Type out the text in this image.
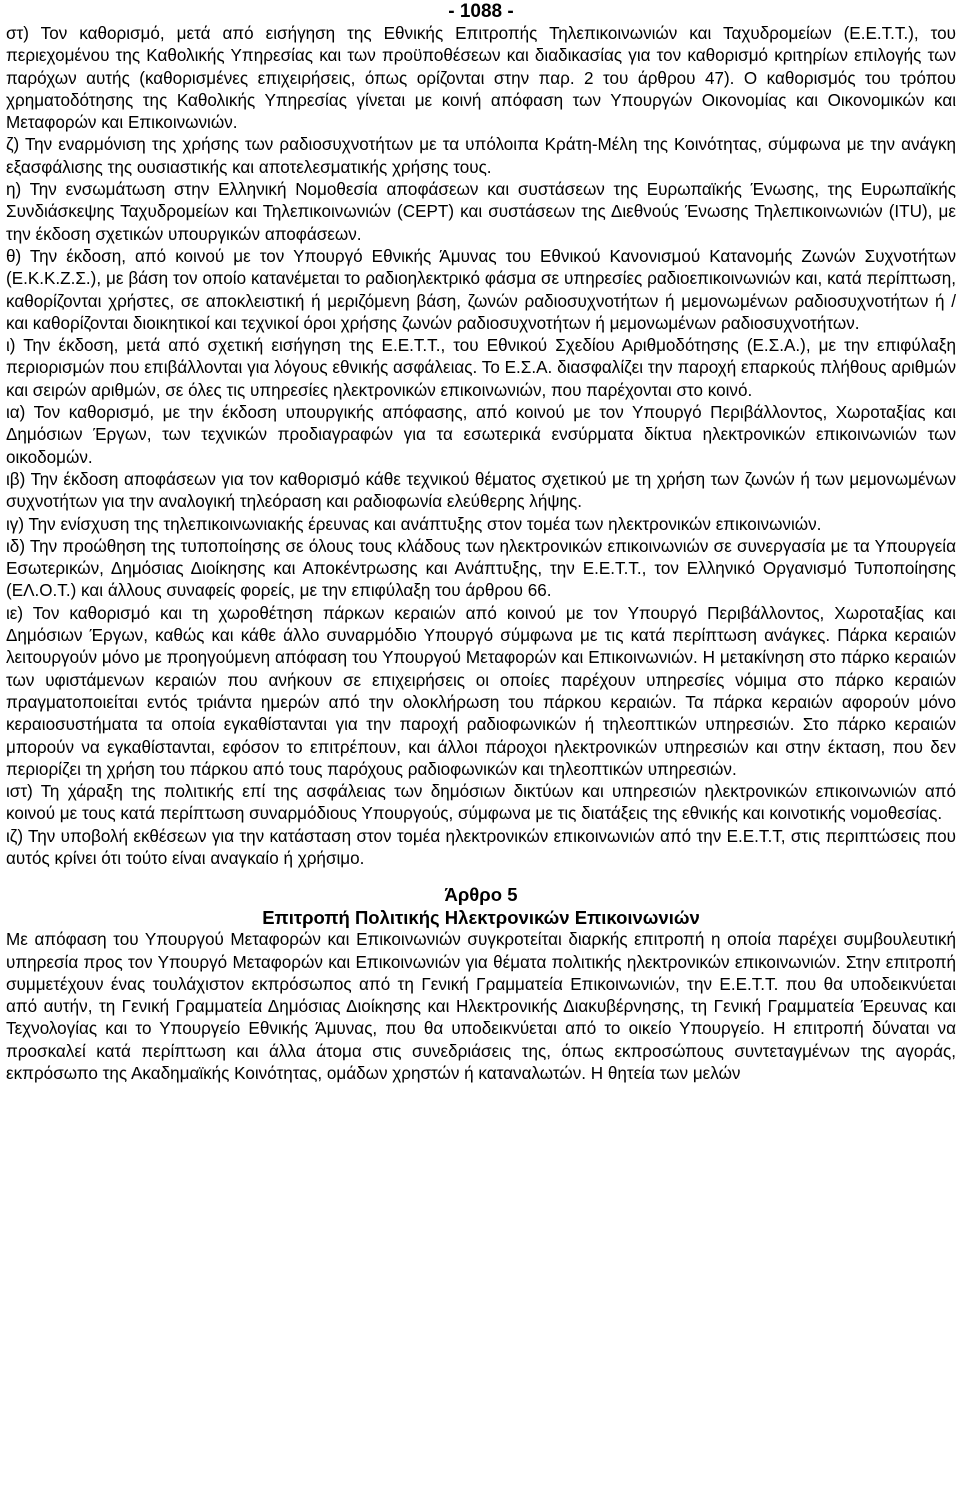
- 1088 -

στ) Τον καθορισμό, μετά από εισήγηση της Εθνικής Επιτροπής Τηλεπικοινωνιών και Ταχυδρομείων (Ε.Ε.Τ.Τ.), του περιεχομένου της Καθολικής Υπηρεσίας και των προϋποθέσεων και διαδικασίας για τον καθορισμό κριτηρίων επιλογής των παρόχων αυτής (καθορισμένες επιχειρήσεις, όπως ορίζονται στην παρ. 2 του άρθρου 47). Ο καθορισμός του τρόπου χρηματοδότησης της Καθολικής Υπηρεσίας γίνεται με κοινή απόφαση των Υπουργών Οικονομίας και Οικονομικών και Μεταφορών και Επικοινωνιών.

ζ) Την εναρμόνιση της χρήσης των ραδιοσυχνοτήτων με τα υπόλοιπα Κράτη-Μέλη της Κοινότητας, σύμφωνα με την ανάγκη εξασφάλισης της ουσιαστικής και αποτελεσματικής χρήσης τους.

η) Την ενσωμάτωση στην Ελληνική Νομοθεσία αποφάσεων και συστάσεων της Ευρωπαϊκής Ένωσης, της Ευρωπαϊκής Συνδιάσκεψης Ταχυδρομείων και Τηλεπικοινωνιών (CEPT) και συστάσεων της Διεθνούς Ένωσης Τηλεπικοινωνιών (ITU), με την έκδοση σχετικών υπουργικών αποφάσεων.

θ) Την έκδοση, από κοινού με τον Υπουργό Εθνικής Άμυνας του Εθνικού Κανονισμού Κατανομής Ζωνών Συχνοτήτων (Ε.Κ.Κ.Ζ.Σ.), με βάση τον οποίο κατανέμεται το ραδιοηλεκτρικό φάσμα σε υπηρεσίες ραδιοεπικοινωνιών και, κατά περίπτωση, καθορίζονται χρήστες, σε αποκλειστική ή μεριζόμενη βάση, ζωνών ραδιοσυχνοτήτων ή μεμονωμένων ραδιοσυχνοτήτων ή / και καθορίζονται διοικητικοί και τεχνικοί όροι χρήσης ζωνών ραδιοσυχνοτήτων ή μεμονωμένων ραδιοσυχνοτήτων.

ι) Την έκδοση, μετά από σχετική εισήγηση της Ε.Ε.Τ.Τ., του Εθνικού Σχεδίου Αριθμοδότησης (Ε.Σ.Α.), με την επιφύλαξη περιορισμών που επιβάλλονται για λόγους εθνικής ασφάλειας. Το Ε.Σ.Α. διασφαλίζει την παροχή επαρκούς πλήθους αριθμών και σειρών αριθμών, σε όλες τις υπηρεσίες ηλεκτρονικών επικοινωνιών, που παρέχονται στο κοινό.

ια) Τον καθορισμό, με την έκδοση υπουργικής απόφασης, από κοινού με τον Υπουργό Περιβάλλοντος, Χωροταξίας και Δημόσιων Έργων, των τεχνικών προδιαγραφών για τα εσωτερικά ενσύρματα δίκτυα ηλεκτρονικών επικοινωνιών των οικοδομών.

ιβ) Την έκδοση αποφάσεων για τον καθορισμό κάθε τεχνικού θέματος σχετικού με τη χρήση των ζωνών ή των μεμονωμένων συχνοτήτων για την αναλογική τηλεόραση και ραδιοφωνία ελεύθερης λήψης.

ιγ) Την ενίσχυση της τηλεπικοινωνιακής έρευνας και ανάπτυξης στον τομέα των ηλεκτρονικών επικοινωνιών.

ιδ) Την προώθηση της τυποποίησης σε όλους τους κλάδους των ηλεκτρονικών επικοινωνιών σε συνεργασία με τα Υπουργεία Εσωτερικών, Δημόσιας Διοίκησης και Αποκέντρωσης και Ανάπτυξης, την Ε.Ε.Τ.Τ., τον Ελληνικό Οργανισμό Τυποποίησης (ΕΛ.Ο.Τ.) και άλλους συναφείς φορείς, με την επιφύλαξη του άρθρου 66.

ιε) Τον καθορισμό και τη χωροθέτηση πάρκων κεραιών από κοινού με τον Υπουργό Περιβάλλοντος, Χωροταξίας και Δημόσιων Έργων, καθώς και κάθε άλλο συναρμόδιο Υπουργό σύμφωνα με τις κατά περίπτωση ανάγκες. Πάρκα κεραιών λειτουργούν μόνο με προηγούμενη απόφαση του Υπουργού Μεταφορών και Επικοινωνιών. Η μετακίνηση στο πάρκο κεραιών των υφιστάμενων κεραιών που ανήκουν σε επιχειρήσεις οι οποίες παρέχουν υπηρεσίες νόμιμα στο πάρκο κεραιών πραγματοποιείται εντός τριάντα ημερών από την ολοκλήρωση του πάρκου κεραιών. Τα πάρκα κεραιών αφορούν μόνο κεραιοσυστήματα τα οποία εγκαθίστανται για την παροχή ραδιοφωνικών ή τηλεοπτικών υπηρεσιών. Στο πάρκο κεραιών μπορούν να εγκαθίστανται, εφόσον το επιτρέπουν, και άλλοι πάροχοι ηλεκτρονικών υπηρεσιών και στην έκταση, που δεν περιορίζει τη χρήση του πάρκου από τους παρόχους ραδιοφωνικών και τηλεοπτικών υπηρεσιών.

ιστ) Τη χάραξη της πολιτικής επί της ασφάλειας των δημόσιων δικτύων και υπηρεσιών ηλεκτρονικών επικοινωνιών από κοινού με τους κατά περίπτωση συναρμόδιους Υπουργούς, σύμφωνα με τις διατάξεις της εθνικής και κοινοτικής νομοθεσίας.

ιζ) Την υποβολή εκθέσεων για την κατάσταση στον τομέα ηλεκτρονικών επικοινωνιών από την Ε.Ε.Τ.Τ, στις περιπτώσεις που αυτός κρίνει ότι τούτο είναι αναγκαίο ή χρήσιμο.

Άρθρο 5
Επιτροπή Πολιτικής Ηλεκτρονικών Επικοινωνιών

Με απόφαση του Υπουργού Μεταφορών και Επικοινωνιών συγκροτείται διαρκής επιτροπή η οποία παρέχει συμβουλευτική υπηρεσία προς τον Υπουργό Μεταφορών και Επικοινωνιών για θέματα πολιτικής ηλεκτρονικών επικοινωνιών. Στην επιτροπή συμμετέχουν ένας τουλάχιστον εκπρόσωπος από τη Γενική Γραμματεία Επικοινωνιών, την Ε.Ε.Τ.Τ. που θα υποδεικνύεται από αυτήν, τη Γενική Γραμματεία Δημόσιας Διοίκησης και Ηλεκτρονικής Διακυβέρνησης, τη Γενική Γραμματεία Έρευνας και Τεχνολογίας και το Υπουργείο Εθνικής Άμυνας, που θα υποδεικνύεται από το οικείο Υπουργείο. Η επιτροπή δύναται να προσκαλεί κατά περίπτωση και άλλα άτομα στις συνεδριάσεις της, όπως εκπροσώπους συντεταγμένων της αγοράς, εκπρόσωπο της Ακαδημαϊκής Κοινότητας, ομάδων χρηστών ή καταναλωτών. Η θητεία των μελών
